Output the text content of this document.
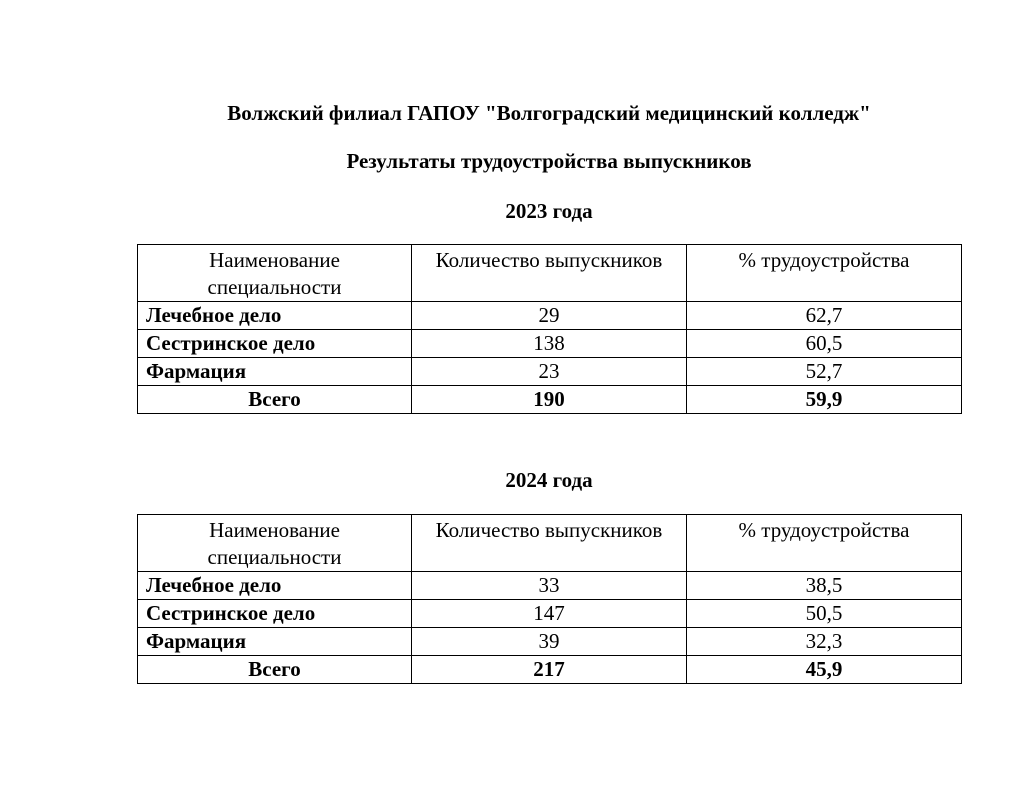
Волжский филиал ГАПОУ "Волгоградский медицинский колледж"
Результаты трудоустройства выпускников
2023 года
Наименование специальности	Количество выпускников	% трудоустройства
Лечебное дело	29	62,7
Сестринское дело	138	60,5
Фармация	23	52,7
Всего	190	59,9
2024 года
Наименование специальности	Количество выпускников	% трудоустройства
Лечебное дело	33	38,5
Сестринское дело	147	50,5
Фармация	39	32,3
Всего	217	45,9
